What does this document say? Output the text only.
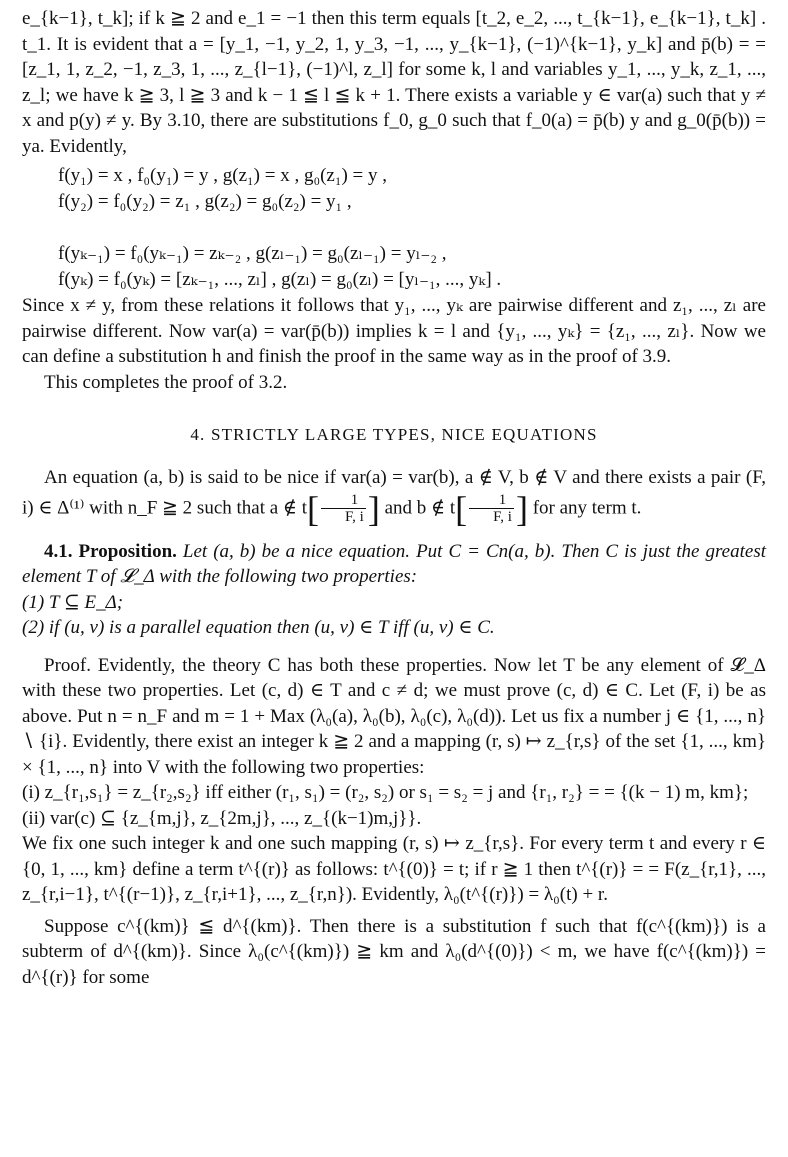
e_{k−1}, t_k]; if k ≧ 2 and e_1 = −1 then this term equals [t_2, e_2, ..., t_{k−1}, e_{k−1}, t_k] . t_1. It is evident that a = [y_1, −1, y_2, 1, y_3, −1, ..., y_{k−1}, (−1)^{k−1}, y_k] and p̄(b) = = [z_1, 1, z_2, −1, z_3, 1, ..., z_{l−1}, (−1)^l, z_l] for some k, l and variables y_1, ..., y_k, z_1, ..., z_l; we have k ≧ 3, l ≧ 3 and k − 1 ≦ l ≦ k + 1. There exists a variable y ∈ var(a) such that y ≠ x and p(y) ≠ y. By 3.10, there are substitutions f_0, g_0 such that f_0(a) = p̄(b) y and g_0(p̄(b)) = ya. Evidently,

f(y₁) = x , f₀(y₁) = y , g(z₁) = x , g₀(z₁) = y ,
f(y₂) = f₀(y₂) = z₁ , g(z₂) = g₀(z₂) = y₁ ,
f(yₖ₋₁) = f₀(yₖ₋₁) = zₖ₋₂ , g(zₗ₋₁) = g₀(zₗ₋₁) = yₗ₋₂ ,
f(yₖ) = f₀(yₖ) = [zₖ₋₁, ..., zₗ] , g(zₗ) = g₀(zₗ) = [yₗ₋₁, ..., yₖ] .

Since x ≠ y, from these relations it follows that y₁, ..., yₖ are pairwise different and z₁, ..., zₗ are pairwise different. Now var(a) = var(p̄(b)) implies k = l and {y₁, ..., yₖ} = {z₁, ..., zₗ}. Now we can define a substitution h and finish the proof in the same way as in the proof of 3.9.

This completes the proof of 3.2.

4. STRICTLY LARGE TYPES, NICE EQUATIONS

An equation (a, b) is said to be nice if var(a) = var(b), a ∉ V, b ∉ V and there exists a pair (F, i) ∈ Δ⁽¹⁾ with n_F ≧ 2 such that a ∉ $t[ \frac{1}{F, i}$ ] and b ∉ $t[ \frac{1}{F, i}$ ] for any term t.

4.1. Proposition. Let (a, b) be a nice equation. Put C = Cn(a, b). Then C is just the greatest element T of 𝓛_Δ with the following two properties:

(1) T ⊆ E_Δ;
(2) if (u, v) is a parallel equation then (u, v) ∈ T iff (u, v) ∈ C.

Proof. Evidently, the theory C has both these properties. Now let T be any element of 𝓛_Δ with these two properties. Let (c, d) ∈ T and c ≠ d; we must prove (c, d) ∈ C. Let (F, i) be as above. Put n = n_F and m = 1 + Max (λ₀(a), λ₀(b), λ₀(c), λ₀(d)). Let us fix a number j ∈ {1, ..., n} ∖ {i}. Evidently, there exist an integer k ≧ 2 and a mapping (r, s) ↦ z_{r,s} of the set {1, ..., km} × {1, ..., n} into V with the following two properties:

(i) z_{r₁,s₁} = z_{r₂,s₂} iff either (r₁, s₁) = (r₂, s₂) or s₁ = s₂ = j and {r₁, r₂} = = {(k − 1) m, km};
(ii) var(c) ⊆ {z_{m,j}, z_{2m,j}, ..., z_{(k−1)m,j}}.

We fix one such integer k and one such mapping (r, s) ↦ z_{r,s}. For every term t and every r ∈ {0, 1, ..., km} define a term t^{(r)} as follows: t^{(0)} = t; if r ≧ 1 then t^{(r)} = = F(z_{r,1}, ..., z_{r,i−1}, t^{(r−1)}, z_{r,i+1}, ..., z_{r,n}). Evidently, λ₀(t^{(r)}) = λ₀(t) + r.

Suppose c^{(km)} ≦ d^{(km)}. Then there is a substitution f such that f(c^{(km)}) is a subterm of d^{(km)}. Since λ₀(c^{(km)}) ≧ km and λ₀(d^{(0)}) < m, we have f(c^{(km)}) = d^{(r)} for some
